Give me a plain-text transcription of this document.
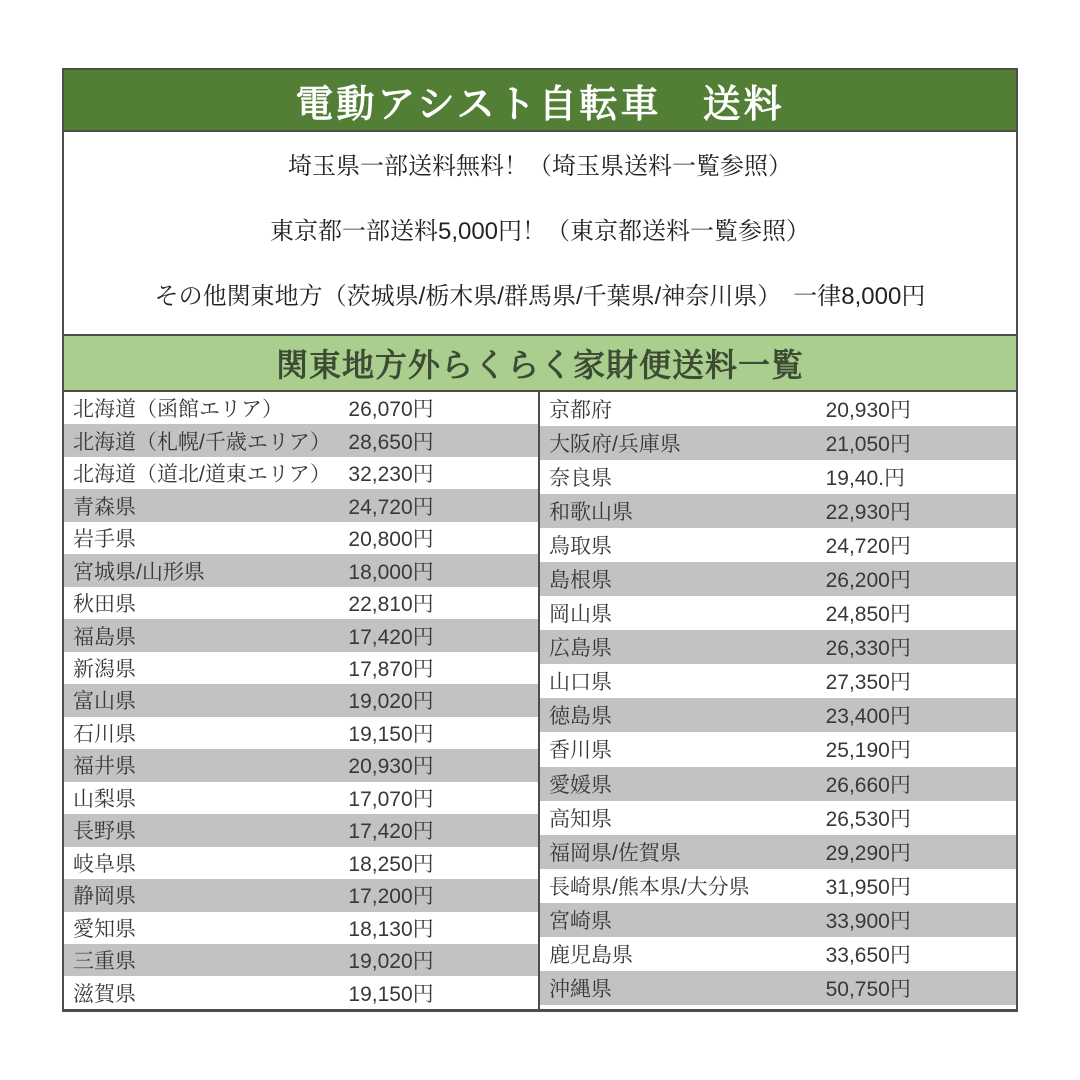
電動アシスト自転車　送料
埼玉県一部送料無料！（埼玉県送料一覧参照）
東京都一部送料5,000円！（東京都送料一覧参照）
その他関東地方（茨城県/栃木県/群馬県/千葉県/神奈川県）　一律8,000円
関東地方外らくらく家財便送料一覧
北海道（函館エリア）	26,070円
北海道（札幌/千歳エリア） 28,650円
北海道（道北/道東エリア） 32,230円
青森県	24,720円
岩手県	20,800円
宮城県/山形県	18,000円
秋田県	22,810円
福島県	17,420円
新潟県	17,870円
富山県	19,020円
石川県	19,150円
福井県	20,930円
山梨県	17,070円
長野県	17,420円
岐阜県	18,250円
静岡県	17,200円
愛知県	18,130円
三重県	19,020円
滋賀県	19,150円
京都府	20,930円
大阪府/兵庫県	21,050円
奈良県	19,40.円
和歌山県	22,930円
鳥取県	24,720円
島根県	26,200円
岡山県	24,850円
広島県	26,330円
山口県	27,350円
徳島県	23,400円
香川県	25,190円
愛媛県	26,660円
高知県	26,530円
福岡県/佐賀県	29,290円
長崎県/熊本県/大分県	31,950円
宮崎県	33,900円
鹿児島県	33,650円
沖縄県	50,750円
